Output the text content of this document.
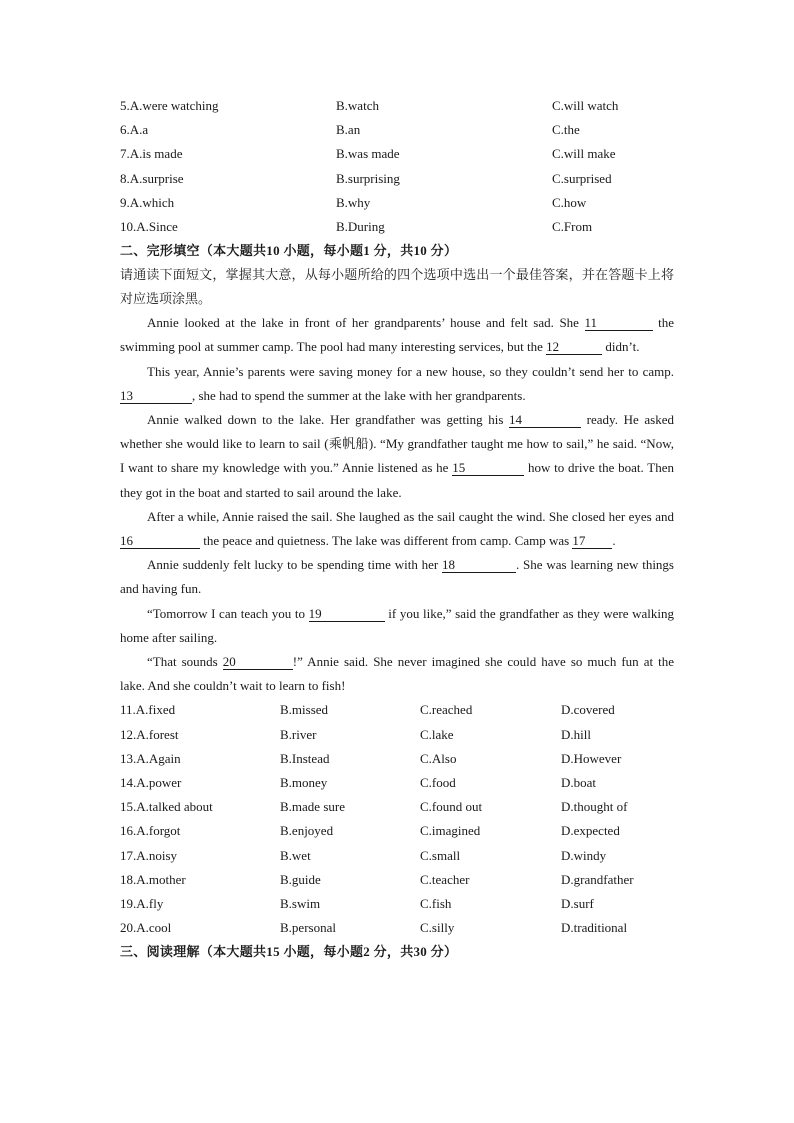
5.A.were watching	B.watch	C.will watch
6.A.a	B.an	C.the
7.A.is made	B.was made	C.will make
8.A.surprise	B.surprising	C.surprised
9.A.which	B.why	C.how
10.A.Since	B.During	C.From
二、完形填空（本大题共10 小题，每小题1 分，共10 分）
请通读下面短文，掌握其大意，从每小题所给的四个选项中选出一个最佳答案，并在答题卡上将对应选项涂黑。
Annie looked at the lake in front of her grandparents’ house and felt sad. She 11	the swimming pool at summer camp. The pool had many interesting services, but the 12	didn’t.
This year, Annie’s parents were saving money for a new house, so they couldn’t send her to camp. 13	, she had to spend the summer at the lake with her grandparents.
Annie walked down to the lake. Her grandfather was getting his 14	ready. He asked whether she would like to learn to sail (乘帆船). “My grandfather taught me how to sail,” he said. “Now, I want to share my knowledge with you.” Annie listened as he 15	how to drive the boat. Then they got in the boat and started to sail around the lake.
After a while, Annie raised the sail. She laughed as the sail caught the wind. She closed her eyes and 16	the peace and quietness. The lake was different from camp. Camp was 17 .
Annie suddenly felt lucky to be spending time with her 18	. She was learning new things and having fun.
“Tomorrow I can teach you to 19	if you like,” said the grandfather as they were walking home after sailing.
“That sounds 20	!” Annie said. She never imagined she could have so much fun at the lake. And she couldn’t wait to learn to fish!
11.A.fixed	B.missed	C.reached	D.covered
12.A.forest	B.river	C.lake	D.hill
13.A.Again	B.Instead	C.Also	D.However
14.A.power	B.money	C.food	D.boat
15.A.talked about	B.made sure	C.found out	D.thought of
16.A.forgot	B.enjoyed	C.imagined	D.expected
17.A.noisy	B.wet	C.small	D.windy
18.A.mother	B.guide	C.teacher	D.grandfather
19.A.fly	B.swim	C.fish	D.surf
20.A.cool	B.personal	C.silly	D.traditional
三、阅读理解（本大题共15 小题，每小题2 分，共30 分）
